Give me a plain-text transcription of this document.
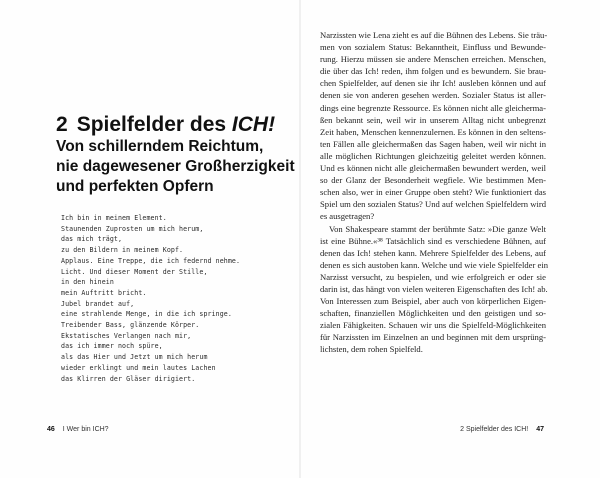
2 Spielfelder des ICH!
Von schillerndem Reichtum,
nie dagewesener Großherzigkeit
und perfekten Opfern
Ich bin in meinem Element.
Staunenden Zuprosten um mich herum,
das mich trägt,
zu den Bildern in meinem Kopf.
Applaus. Eine Treppe, die ich federnd nehme.
Licht. Und dieser Moment der Stille,
in den hinein
mein Auftritt bricht.
Jubel brandet auf,
eine strahlende Menge, in die ich springe.
Treibender Bass, glänzende Körper.
Ekstatisches Verlangen nach mir,
das ich immer noch spüre,
als das Hier und Jetzt um mich herum
wieder erklingt und mein lautes Lachen
das Klirren der Gläser dirigiert.
46 I Wer bin ICH?
Narzissten wie Lena zieht es auf die Bühnen des Lebens. Sie träu-
men von sozialem Status: Bekanntheit, Einfluss und Bewunde-
rung. Hierzu müssen sie andere Menschen erreichen. Menschen,
die über das Ich! reden, ihm folgen und es bewundern. Sie brau-
chen Spielfelder, auf denen sie ihr Ich! ausleben können und auf
denen sie von anderen gesehen werden. Sozialer Status ist aller-
dings eine begrenzte Ressource. Es können nicht alle gleicherma-
ßen bekannt sein, weil wir in unserem Alltag nicht unbegrenzt
Zeit haben, Menschen kennenzulernen. Es können in den seltens-
ten Fällen alle gleichermaßen das Sagen haben, weil wir nicht in
alle möglichen Richtungen gleichzeitig geleitet werden können.
Und es können nicht alle gleichermaßen bewundert werden, weil
so der Glanz der Besonderheit wegfiele. Wie bestimmen Men-
schen also, wer in einer Gruppe oben steht? Wie funktioniert das
Spiel um den sozialen Status? Und auf welchen Spielfeldern wird
es ausgetragen?
Von Shakespeare stammt der berühmte Satz: »Die ganze Welt
ist eine Bühne.«³⁸ Tatsächlich sind es verschiedene Bühnen, auf
denen das Ich! stehen kann. Mehrere Spielfelder des Lebens, auf
denen es sich austoben kann. Welche und wie viele Spielfelder ein
Narzisst versucht, zu bespielen, und wie erfolgreich er oder sie
darin ist, das hängt von vielen weiteren Eigenschaften des Ich! ab.
Von Interessen zum Beispiel, aber auch von körperlichen Eigen-
schaften, finanziellen Möglichkeiten und den geistigen und so-
zialen Fähigkeiten. Schauen wir uns die Spielfeld-Möglichkeiten
für Narzissten im Einzelnen an und beginnen mit dem ursprüng-
lichsten, dem rohen Spielfeld.
2 Spielfelder des ICH! 47
